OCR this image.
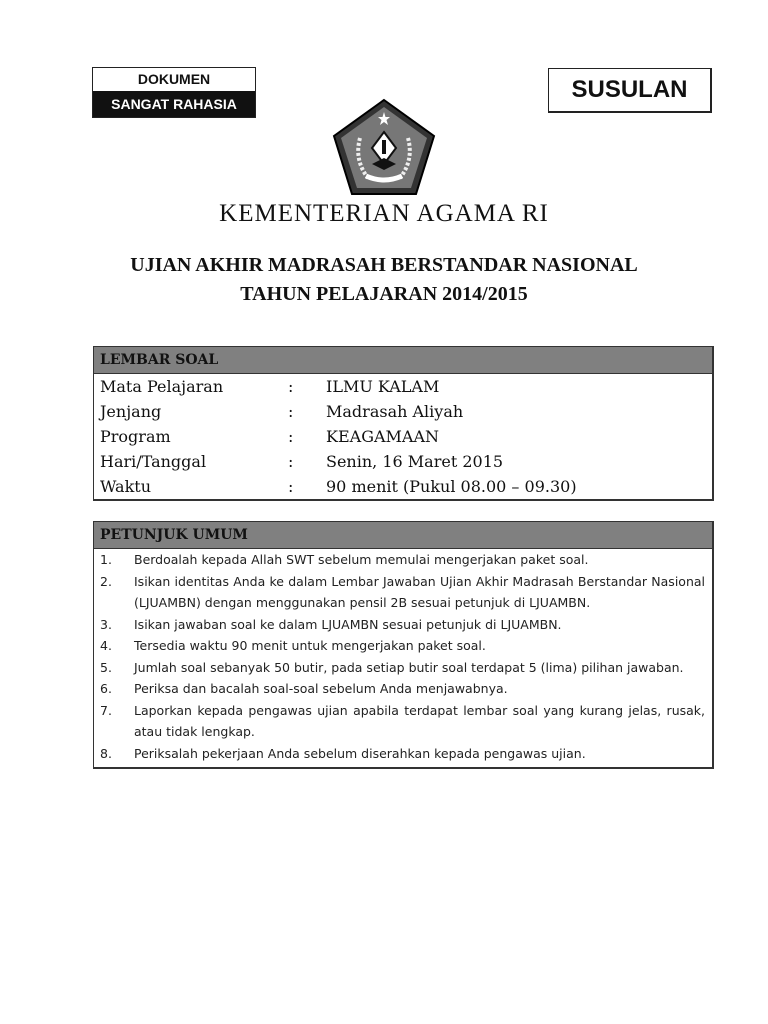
DOKUMEN
SANGAT RAHASIA
SUSULAN
KEMENTERIAN AGAMA RI
UJIAN AKHIR MADRASAH BERSTANDAR NASIONAL
TAHUN PELAJARAN 2014/2015
LEMBAR SOAL
Mata Pelajaran	: ILMU KALAM
Jenjang	: Madrasah Aliyah
Program	: KEAGAMAAN
Hari/Tanggal	: Senin, 16 Maret 2015
Waktu	: 90 menit (Pukul 08.00 – 09.30)
PETUNJUK UMUM
1. Berdoalah kepada Allah SWT sebelum memulai mengerjakan paket soal.
2. Isikan identitas Anda ke dalam Lembar Jawaban Ujian Akhir Madrasah Berstandar Nasional (LJUAMBN) dengan menggunakan pensil 2B sesuai petunjuk di LJUAMBN.
3. Isikan jawaban soal ke dalam LJUAMBN sesuai petunjuk di LJUAMBN.
4. Tersedia waktu 90 menit untuk mengerjakan paket soal.
5. Jumlah soal sebanyak 50 butir, pada setiap butir soal terdapat 5 (lima) pilihan jawaban.
6. Periksa dan bacalah soal-soal sebelum Anda menjawabnya.
7. Laporkan kepada pengawas ujian apabila terdapat lembar soal yang kurang jelas, rusak, atau tidak lengkap.
8. Periksalah pekerjaan Anda sebelum diserahkan kepada pengawas ujian.
